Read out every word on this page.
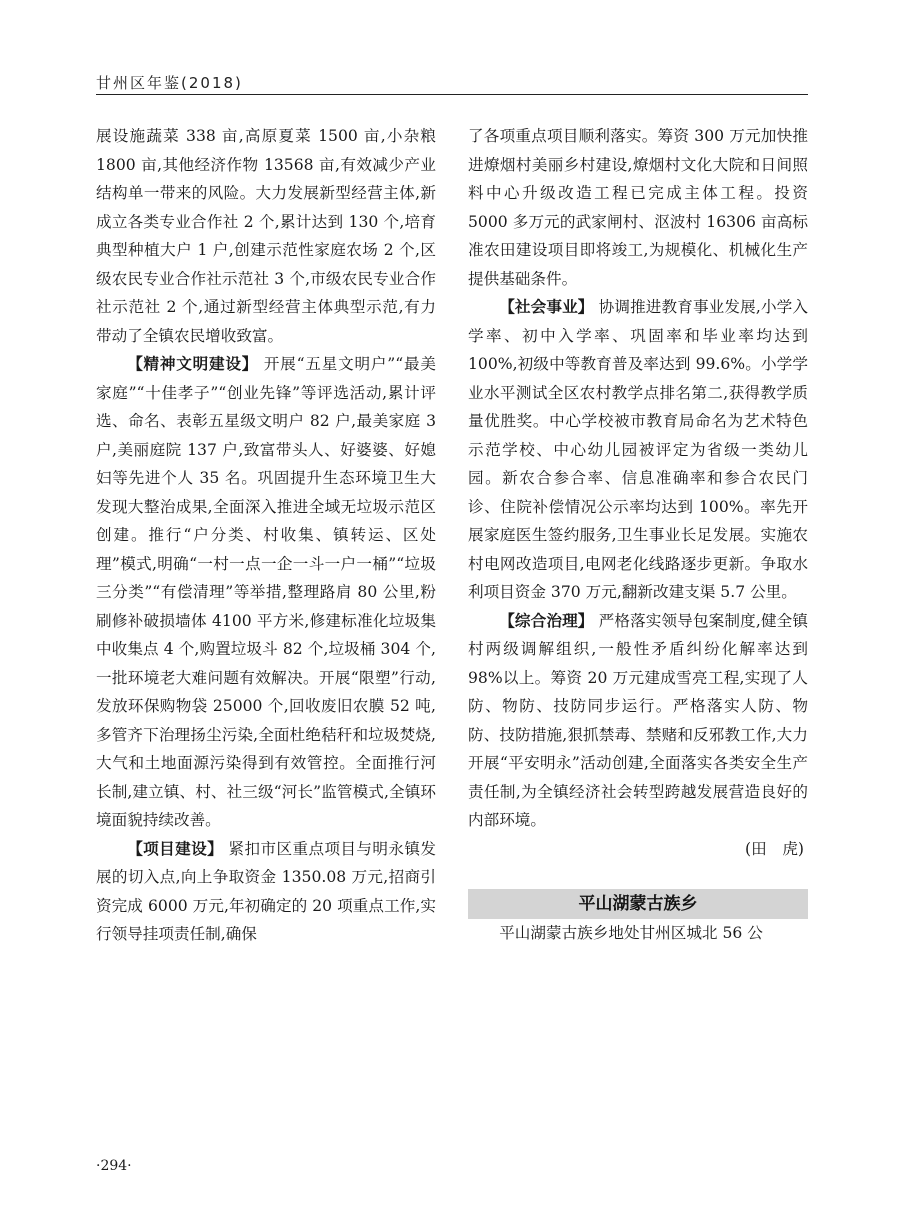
甘州区年鉴(2018)

展设施蔬菜 338 亩,高原夏菜 1500 亩,小杂粮 1800 亩,其他经济作物 13568 亩,有效减少产业结构单一带来的风险。大力发展新型经营主体,新成立各类专业合作社 2 个,累计达到 130 个,培育典型种植大户 1 户,创建示范性家庭农场 2 个,区级农民专业合作社示范社 3 个,市级农民专业合作社示范社 2 个,通过新型经营主体典型示范,有力带动了全镇农民增收致富。

【精神文明建设】 开展“五星文明户”“最美家庭”“十佳孝子”“创业先锋”等评选活动,累计评选、命名、表彰五星级文明户 82 户,最美家庭 3 户,美丽庭院 137 户,致富带头人、好婆婆、好媳妇等先进个人 35 名。巩固提升生态环境卫生大发现大整治成果,全面深入推进全域无垃圾示范区创建。推行“户分类、村收集、镇转运、区处理”模式,明确“一村一点一企一斗一户一桶”“垃圾三分类”“有偿清理”等举措,整理路肩 80 公里,粉刷修补破损墙体 4100 平方米,修建标准化垃圾集中收集点 4 个,购置垃圾斗 82 个,垃圾桶 304 个,一批环境老大难问题有效解决。开展“限塑”行动,发放环保购物袋 25000 个,回收废旧农膜 52 吨,多管齐下治理扬尘污染,全面杜绝秸秆和垃圾焚烧,大气和土地面源污染得到有效管控。全面推行河长制,建立镇、村、社三级“河长”监管模式,全镇环境面貌持续改善。

【项目建设】 紧扣市区重点项目与明永镇发展的切入点,向上争取资金 1350.08 万元,招商引资完成 6000 万元,年初确定的 20 项重点工作,实行领导挂项责任制,确保

了各项重点项目顺利落实。筹资 300 万元加快推进燎烟村美丽乡村建设,燎烟村文化大院和日间照料中心升级改造工程已完成主体工程。投资 5000 多万元的武家闸村、沤波村 16306 亩高标准农田建设项目即将竣工,为规模化、机械化生产提供基础条件。

【社会事业】 协调推进教育事业发展,小学入学率、初中入学率、巩固率和毕业率均达到 100%,初级中等教育普及率达到 99.6%。小学学业水平测试全区农村教学点排名第二,获得教学质量优胜奖。中心学校被市教育局命名为艺术特色示范学校、中心幼儿园被评定为省级一类幼儿园。新农合参合率、信息准确率和参合农民门诊、住院补偿情况公示率均达到 100%。率先开展家庭医生签约服务,卫生事业长足发展。实施农村电网改造项目,电网老化线路逐步更新。争取水利项目资金 370 万元,翻新改建支渠 5.7 公里。

【综合治理】 严格落实领导包案制度,健全镇村两级调解组织,一般性矛盾纠纷化解率达到 98%以上。筹资 20 万元建成雪亮工程,实现了人防、物防、技防同步运行。严格落实人防、物防、技防措施,狠抓禁毒、禁赌和反邪教工作,大力开展“平安明永”活动创建,全面落实各类安全生产责任制,为全镇经济社会转型跨越发展营造良好的内部环境。

(田　虎)

平山湖蒙古族乡

平山湖蒙古族乡地处甘州区城北 56 公

·294·
